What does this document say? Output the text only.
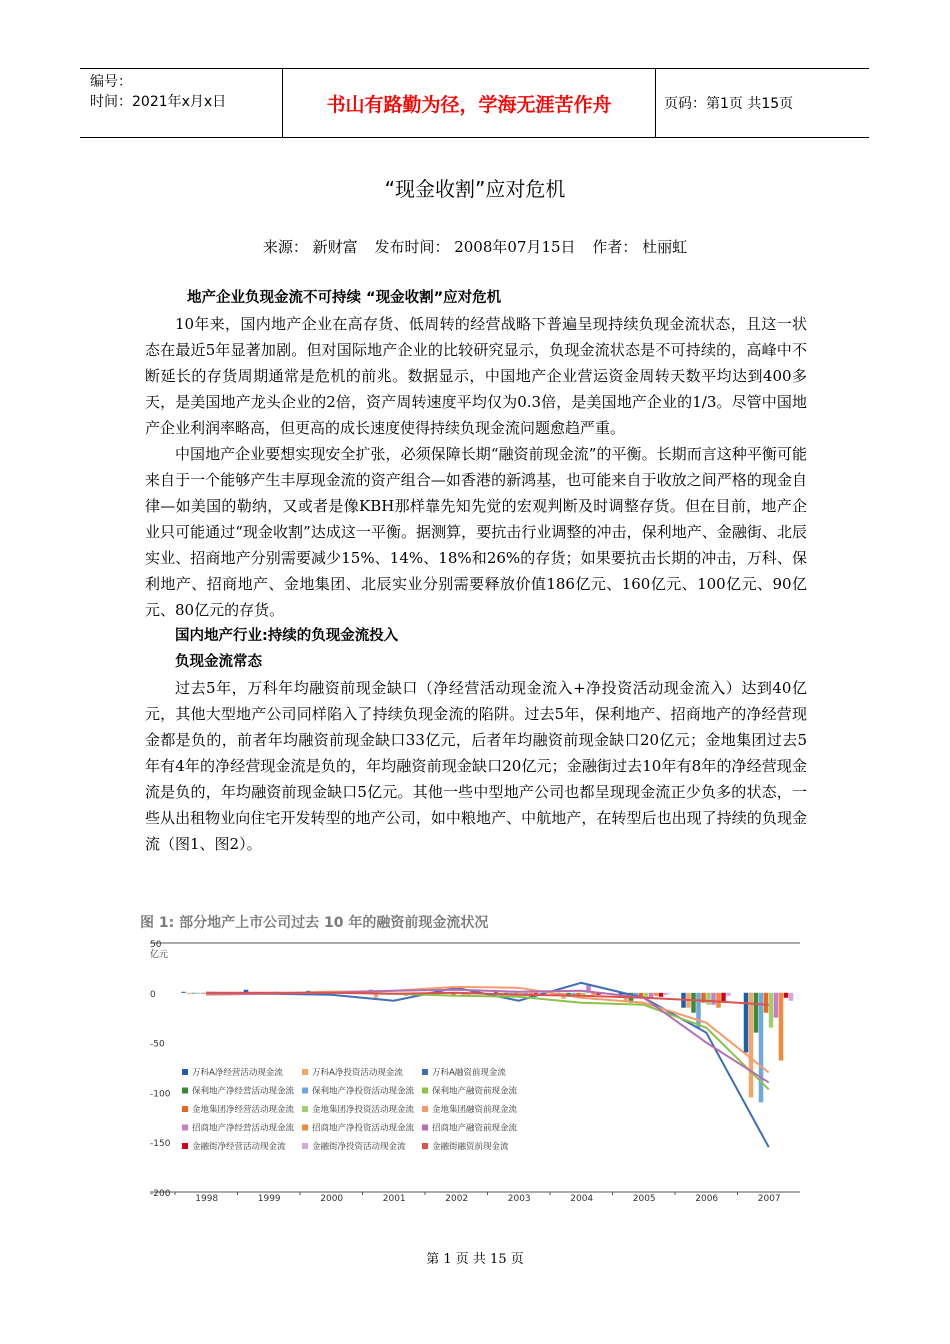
编号：
时间：2021年x月x日	书山有路勤为径，学海无涯苦作舟	页码：第1页 共15页
“现金收割”应对危机
来源： 新财富 发布时间： 2008年07月15日 作者： 杜丽虹

地产企业负现金流不可持续 “现金收割”应对危机

10年来，国内地产企业在高存货、低周转的经营战略下普遍呈现持续负现金流状态，且这一状态在最近5年显著加剧。但对国际地产企业的比较研究显示，负现金流状态是不可持续的，高峰中不断延长的存货周期通常是危机的前兆。数据显示，中国地产企业营运资金周转天数平均达到400多天，是美国地产龙头企业的2倍，资产周转速度平均仅为0.3倍，是美国地产企业的1/3。尽管中国地产企业利润率略高，但更高的成长速度使得持续负现金流问题愈趋严重。

中国地产企业要想实现安全扩张，必须保障长期“融资前现金流”的平衡。长期而言这种平衡可能来自于一个能够产生丰厚现金流的资产组合—如香港的新鸿基，也可能来自于收放之间严格的现金自律—如美国的勒纳，又或者是像KBH那样靠先知先觉的宏观判断及时调整存货。但在目前，地产企业只可能通过“现金收割”达成这一平衡。据测算，要抗击行业调整的冲击，保利地产、金融街、北辰实业、招商地产分别需要减少15%、14%、18%和26%的存货；如果要抗击长期的冲击，万科、保利地产、招商地产、金地集团、北辰实业分别需要释放价值186亿元、160亿元、100亿元、90亿元、80亿元的存货。

国内地产行业:持续的负现金流投入

负现金流常态

过去5年，万科年均融资前现金缺口（净经营活动现金流入+净投资活动现金流入）达到40亿元，其他大型地产公司同样陷入了持续负现金流的陷阱。过去5年，保利地产、招商地产的净经营现金都是负的，前者年均融资前现金缺口33亿元，后者年均融资前现金缺口20亿元；金地集团过去5年有4年的净经营现金流是负的，年均融资前现金缺口20亿元；金融街过去10年有8年的净经营现金流是负的，年均融资前现金缺口5亿元。其他一些中型地产公司也都呈现现金流正少负多的状态，一些从出租物业向住宅开发转型的地产公司，如中粮地产、中航地产，在转型后也出现了持续的负现金流（图1、图2）。

图 1: 部分地产上市公司过去 10 年的融资前现金流状况
50
0
-50
-100
-150
-200
亿元
1998	1999	2000	2001	2002	2003	2004	2005	2006	2007
万科A净经营活动现金流	万科A净投资活动现金流	万科A融资前现金流
保利地产净经营活动现金流 保利地产净投资活动现金流 保利地产融资前现金流
金地集团净经营活动现金流 金地集团净投资活动现金流 金地集团融资前现金流
招商地产净经营活动现金流 招商地产净投资活动现金流 招商地产融资前现金流
金融街净经营活动现金流	金融街净投资活动现金流	金融街融资前现金流
第 1 页 共 15 页
